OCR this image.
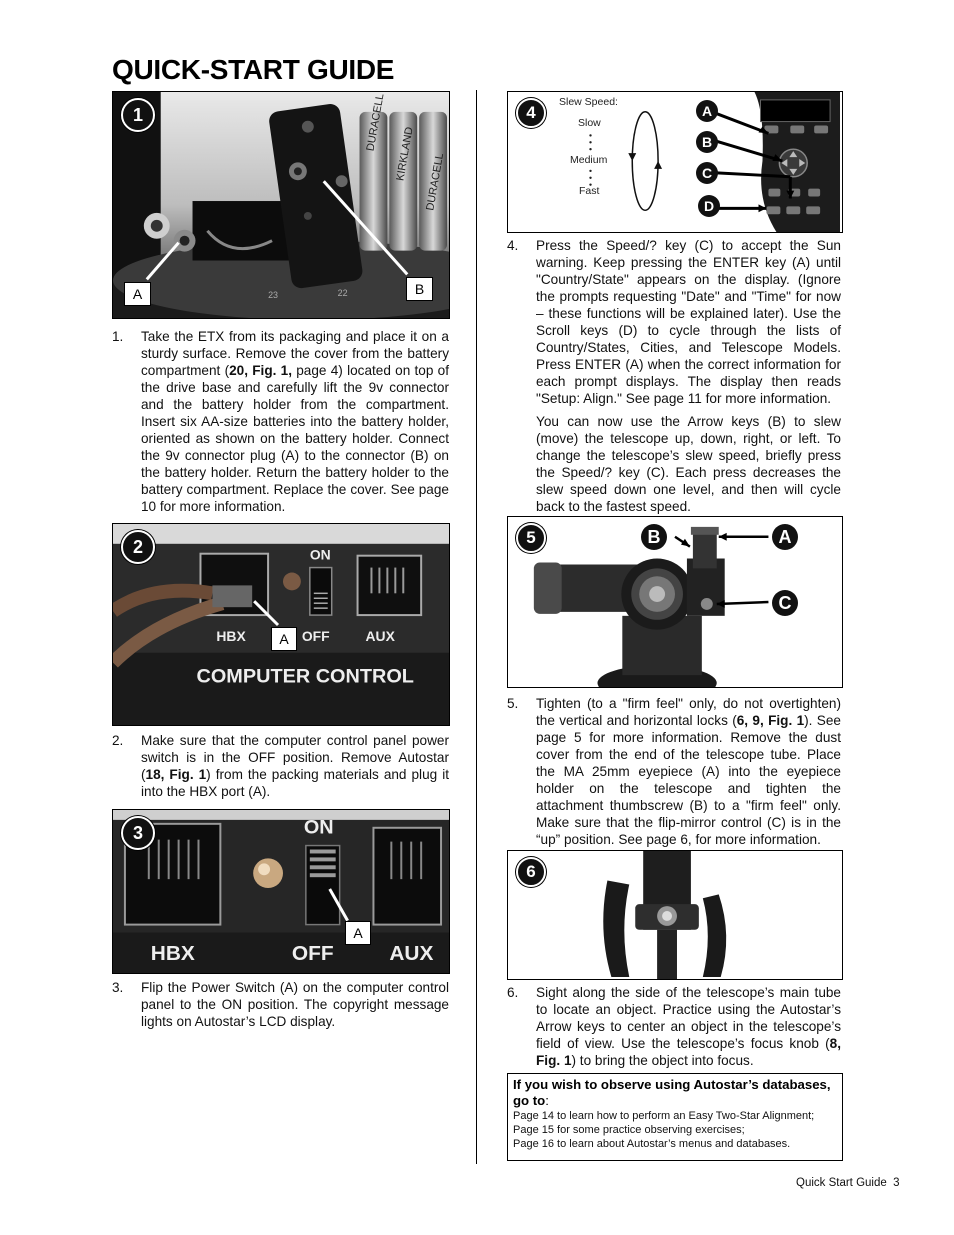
QUICK-START GUIDE
DURACELL
KIRKLAND DURACELL
23	22
1
A	B
1. Take the ETX from its packaging and place it on a sturdy surface. Remove the cover from the battery compartment (20, Fig. 1, page 4) located on top of the drive base and carefully lift the 9v connector and the battery holder from the compartment. Insert six AA-size batteries into the battery holder, oriented as shown on the battery holder. Connect the 9v connector plug (A) to the connector (B) on the battery holder. Return the battery holder to the battery compartment. Replace the cover. See page 10 for more information.
ON
HBX	OFF	AUX
COMPUTER CONTROL
2
A
2. Make sure that the computer control panel power switch is in the OFF position. Remove Autostar (18, Fig. 1) from the packing materials and plug it into the HBX port (A).
ON
HBX	OFF	AUX
3
A
3. Flip the Power Switch (A) on the computer control panel to the ON position. The copyright message lights on Autostar’s LCD display.
4
Slew Speed:
Slow
Medium
Fast
A
B
C
D
4. Press the Speed/? key (C) to accept the Sun warning. Keep pressing the ENTER key (A) until "Country/State" appears on the display. (Ignore the prompts requesting "Date" and "Time" for now – these functions will be explained later). Use the Scroll keys (D) to cycle through the lists of Country/States, Cities, and Telescope Models. Press ENTER (A) when the correct information for each prompt displays. The display then reads "Setup: Align." See page 11 for more information.

You can now use the Arrow keys (B) to slew (move) the telescope up, down, right, or left. To change the telescope’s slew speed, briefly press the Speed/? key (C). Each press decreases the slew speed down one level, and then will cycle back to the fastest speed.

5	B	A
C
5. Tighten (to a "firm feel" only, do not overtighten) the vertical and horizontal locks (6, 9, Fig. 1). See page 5 for more information. Remove the dust cover from the end of the telescope tube. Place the MA 25mm eyepiece (A) into the eyepiece holder on the telescope and tighten the attachment thumbscrew (B) to a "firm feel" only. Make sure that the flip-mirror control (C) is in the “up” position. See page 6, for more information.
6
6. Sight along the side of the telescope’s main tube to locate an object. Practice using the Autostar’s Arrow keys to center an object in the telescope’s field of view. Use the telescope’s focus knob (8, Fig. 1) to bring the object into focus.
If you wish to observe using Autostar’s databases, go to:
Page 14 to learn how to perform an Easy Two-Star Alignment;
Page 15 for some practice observing exercises;
Page 16 to learn about Autostar’s menus and databases.
Quick Start Guide  3
